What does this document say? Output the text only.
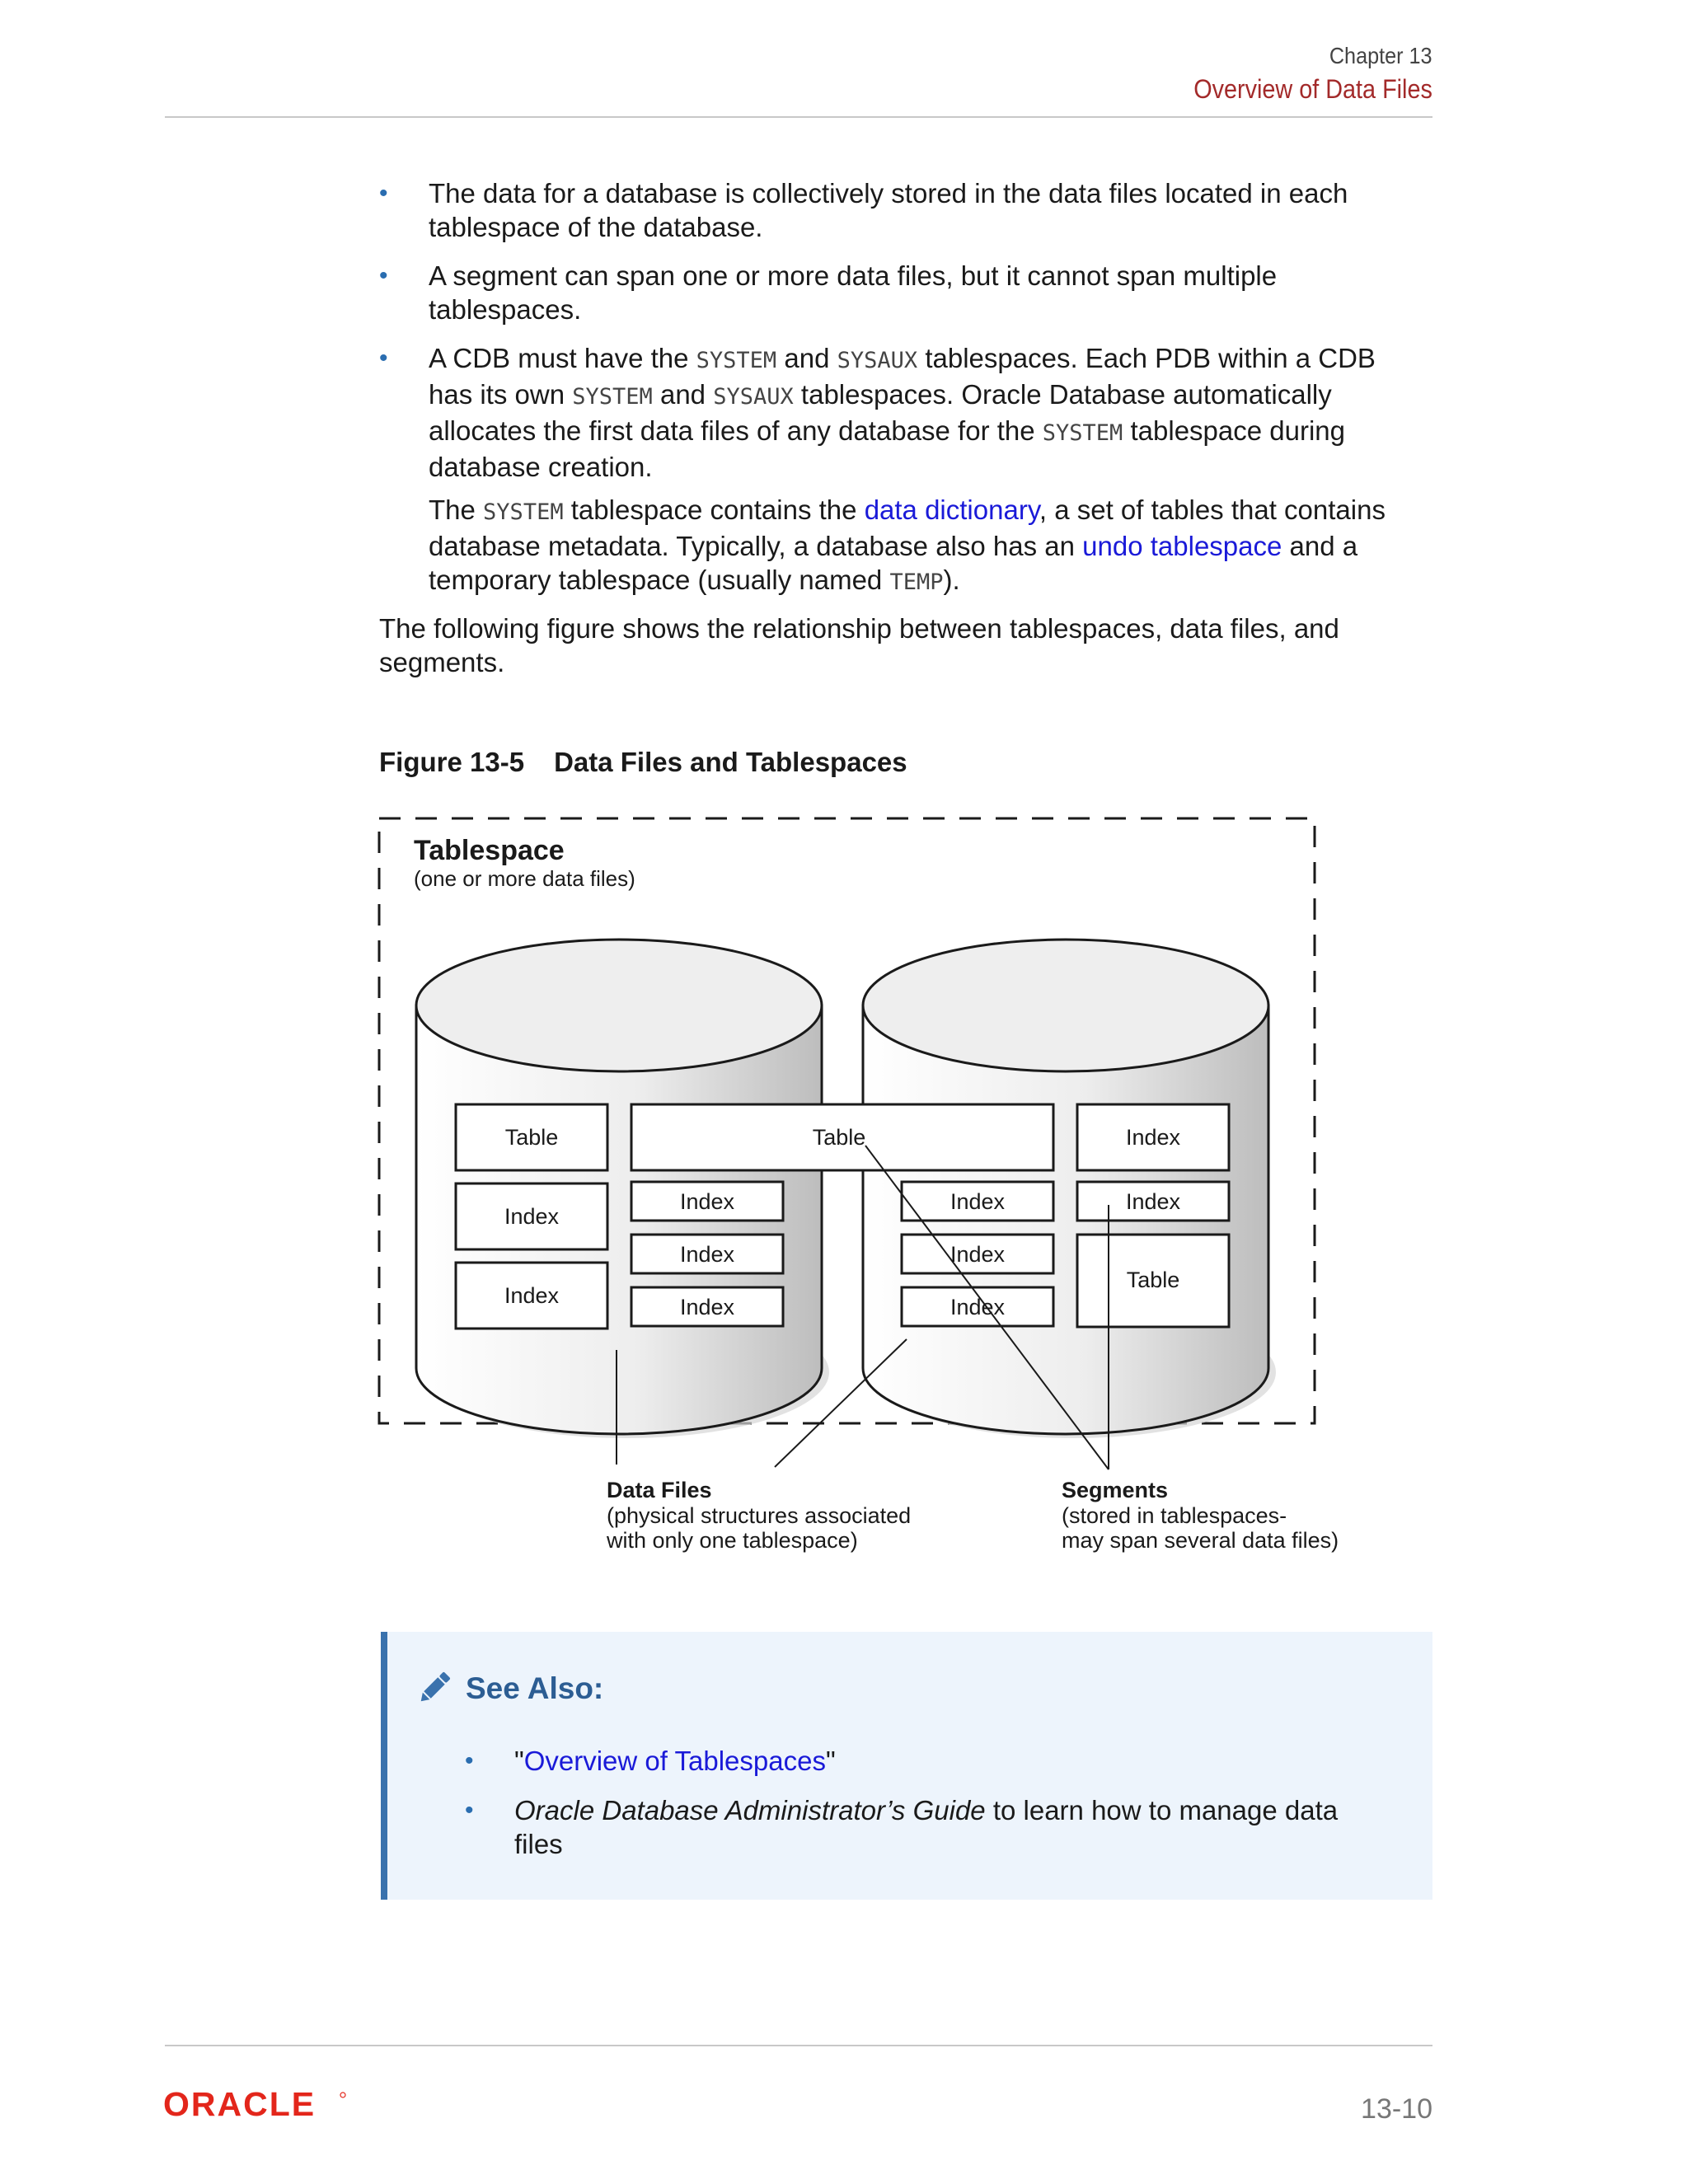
Chapter 13
Overview of Data Files
• The data for a database is collectively stored in the data files located in each tablespace of the database.
• A segment can span one or more data files, but it cannot span multiple tablespaces.
• A CDB must have the SYSTEM and SYSAUX tablespaces. Each PDB within a CDB has its own SYSTEM and SYSAUX tablespaces. Oracle Database automatically allocates the first data files of any database for the SYSTEM tablespace during database creation.
The SYSTEM tablespace contains the data dictionary, a set of tables that contains database metadata. Typically, a database also has an undo tablespace and a temporary tablespace (usually named TEMP).
The following figure shows the relationship between tablespaces, data files, and segments.
Figure 13-5 Data Files and Tablespaces
Tablespace
(one or more data files)
Table	Table	Index
Index
Index
Index
Index
Index
Index
Index
Index
Index
Table
Data Files
(physical structures associated
with only one tablespace)
Segments
(stored in tablespaces-
may span several data files)
See Also:
• "Overview of Tablespaces"
• Oracle Database Administrator’s Guide to learn how to manage data files
ORACLE	13-10
